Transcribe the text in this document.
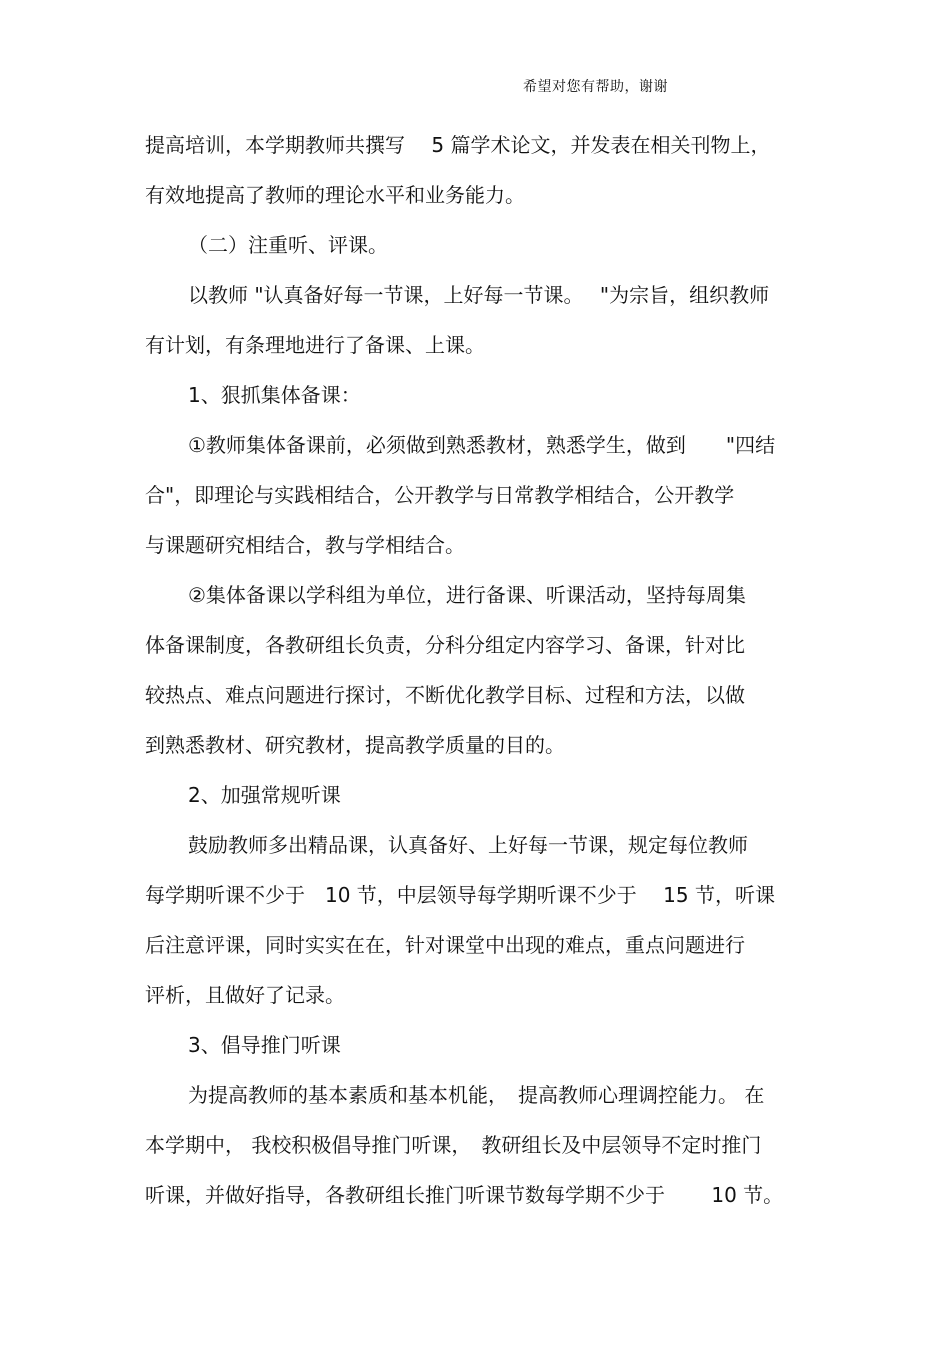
希望对您有帮助，谢谢
提高培训，本学期教师共撰写　 5 篇学术论文，并发表在相关刊物上，
有效地提高了教师的理论水平和业务能力。
（二）注重听、评课。
以教师 "认真备好每一节课，上好每一节课。　 "为宗旨，组织教师
有计划，有条理地进行了备课、上课。
1、狠抓集体备课：
①教师集体备课前，必须做到熟悉教材，熟悉学生，做到　　"四结
合"，即理论与实践相结合，公开教学与日常教学相结合，公开教学
与课题研究相结合，教与学相结合。
②集体备课以学科组为单位，进行备课、听课活动，坚持每周集
体备课制度，各教研组长负责，分科分组定内容学习、备课，针对比
较热点、难点问题进行探讨，不断优化教学目标、过程和方法，以做
到熟悉教材、研究教材，提高教学质量的目的。
2、加强常规听课
鼓励教师多出精品课，认真备好、上好每一节课，规定每位教师
每学期听课不少于　10 节，中层领导每学期听课不少于　 15 节，听课
后注意评课，同时实实在在，针对课堂中出现的难点，重点问题进行
评析，且做好了记录。
3、倡导推门听课
为提高教师的基本素质和基本机能，　提高教师心理调控能力。 在
本学期中， 我校积极倡导推门听课，　教研组长及中层领导不定时推门
听课，并做好指导，各教研组长推门听课节数每学期不少于　　 10 节。
